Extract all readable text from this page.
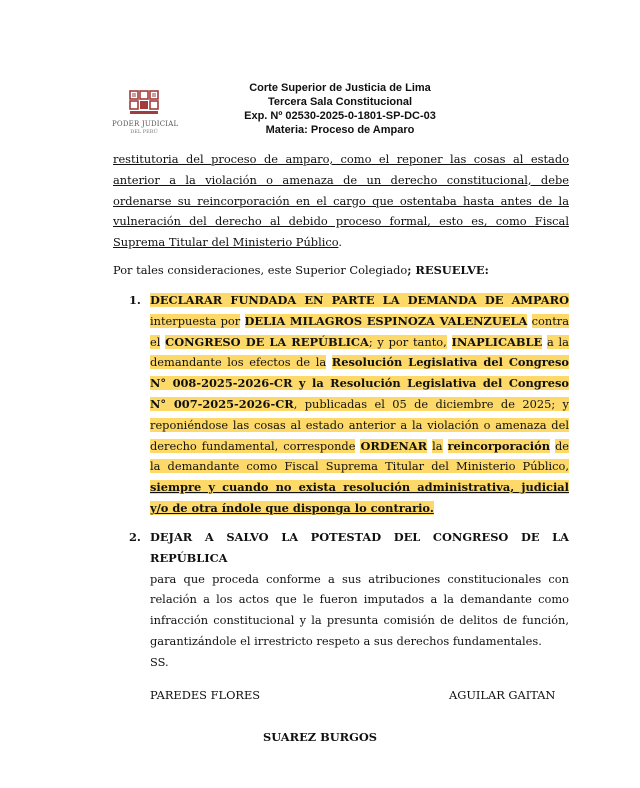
PODER JUDICIAL
DEL PERÚ
Corte Superior de Justicia de Lima
Tercera Sala Constitucional
Exp. Nº 02530-2025-0-1801-SP-DC-03
Materia: Proceso de Amparo
restitutoria del proceso de amparo, como el reponer las cosas al estado anterior a la violación o amenaza de un derecho constitucional, debe ordenarse su reincorporación en el cargo que ostentaba hasta antes de la vulneración del derecho al debido proceso formal, esto es, como Fiscal Suprema Titular del Ministerio Público.
Por tales consideraciones, este Superior Colegiado; RESUELVE:
1. DECLARAR FUNDADA EN PARTE LA DEMANDA DE AMPARO interpuesta por DELIA MILAGROS ESPINOZA VALENZUELA contra el CONGRESO DE LA REPÚBLICA; y por tanto, INAPLICABLE a la demandante los efectos de la Resolución Legislativa del Congreso N° 008-2025-2026-CR y la Resolución Legislativa del Congreso N° 007-2025-2026-CR, publicadas el 05 de diciembre de 2025; y reponiéndose las cosas al estado anterior a la violación o amenaza del derecho fundamental, corresponde ORDENAR la reincorporación de la demandante como Fiscal Suprema Titular del Ministerio Público, siempre y cuando no exista resolución administrativa, judicial y/o de otra índole que disponga lo contrario.
2. DEJAR A SALVO LA POTESTAD DEL CONGRESO DE LA REPÚBLICA
para que proceda conforme a sus atribuciones constitucionales con relación a los actos que le fueron imputados a la demandante como infracción constitucional y la presunta comisión de delitos de función, garantizándole el irrestricto respeto a sus derechos fundamentales.
SS.
PAREDES FLORES	AGUILAR GAITAN
SUAREZ BURGOS
